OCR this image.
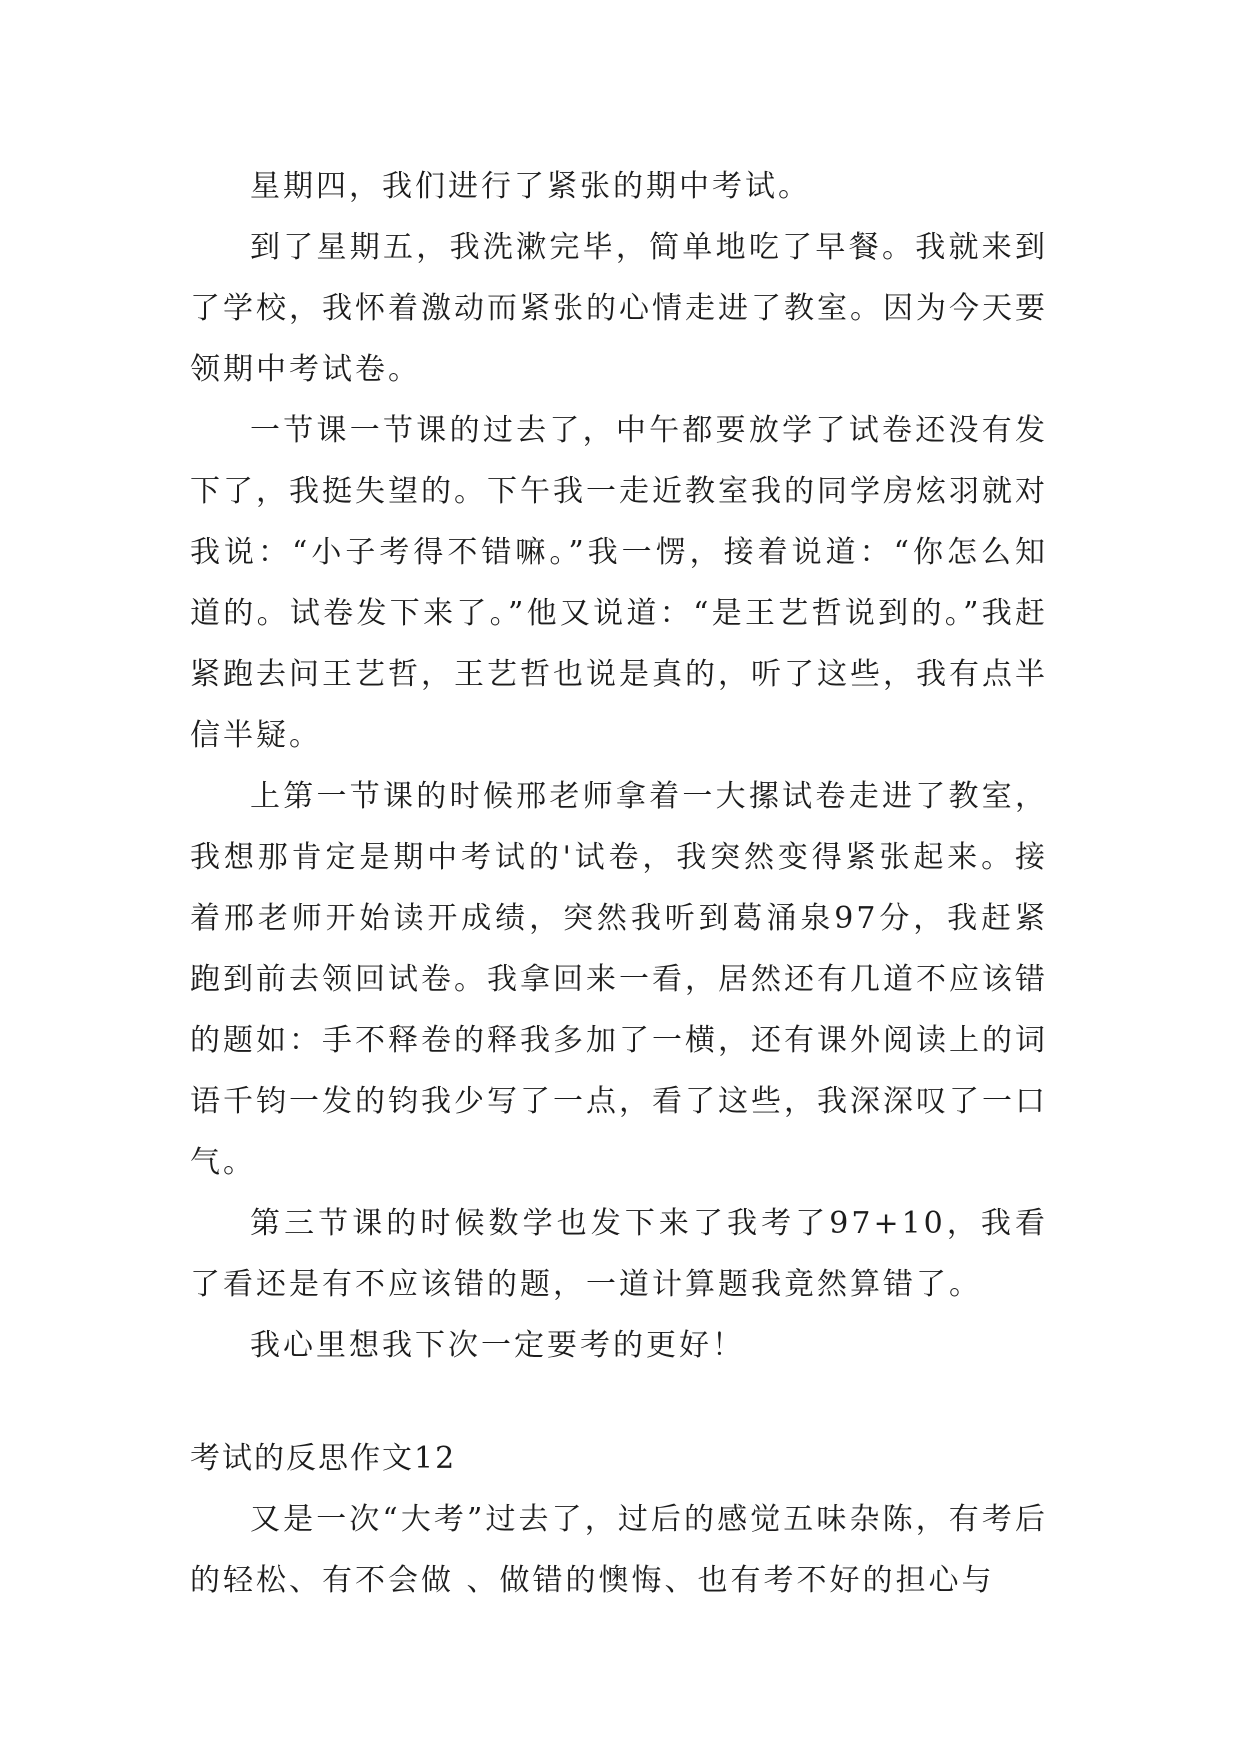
星期四，我们进行了紧张的期中考试。

到了星期五，我洗漱完毕，简单地吃了早餐。我就来到了学校，我怀着激动而紧张的心情走进了教室。因为今天要领期中考试卷。

一节课一节课的过去了，中午都要放学了试卷还没有发下了，我挺失望的。下午我一走近教室我的同学房炫羽就对我说：“小子考得不错嘛。”我一愣，接着说道：“你怎么知道的。试卷发下来了。”他又说道：“是王艺哲说到的。”我赶紧跑去问王艺哲，王艺哲也说是真的，听了这些，我有点半信半疑。

上第一节课的时候邢老师拿着一大摞试卷走进了教室，我想那肯定是期中考试的'试卷，我突然变得紧张起来。接着邢老师开始读开成绩，突然我听到葛涌泉97分，我赶紧跑到前去领回试卷。我拿回来一看，居然还有几道不应该错的题如：手不释卷的释我多加了一横，还有课外阅读上的词语千钧一发的钧我少写了一点，看了这些，我深深叹了一口气。

第三节课的时候数学也发下来了我考了97+10，我看了看还是有不应该错的题，一道计算题我竟然算错了。

我心里想我下次一定要考的更好！

考试的反思作文12

又是一次“大考”过去了，过后的感觉五味杂陈，有考后的轻松、有不会做 、做错的懊悔、也有考不好的担心与
